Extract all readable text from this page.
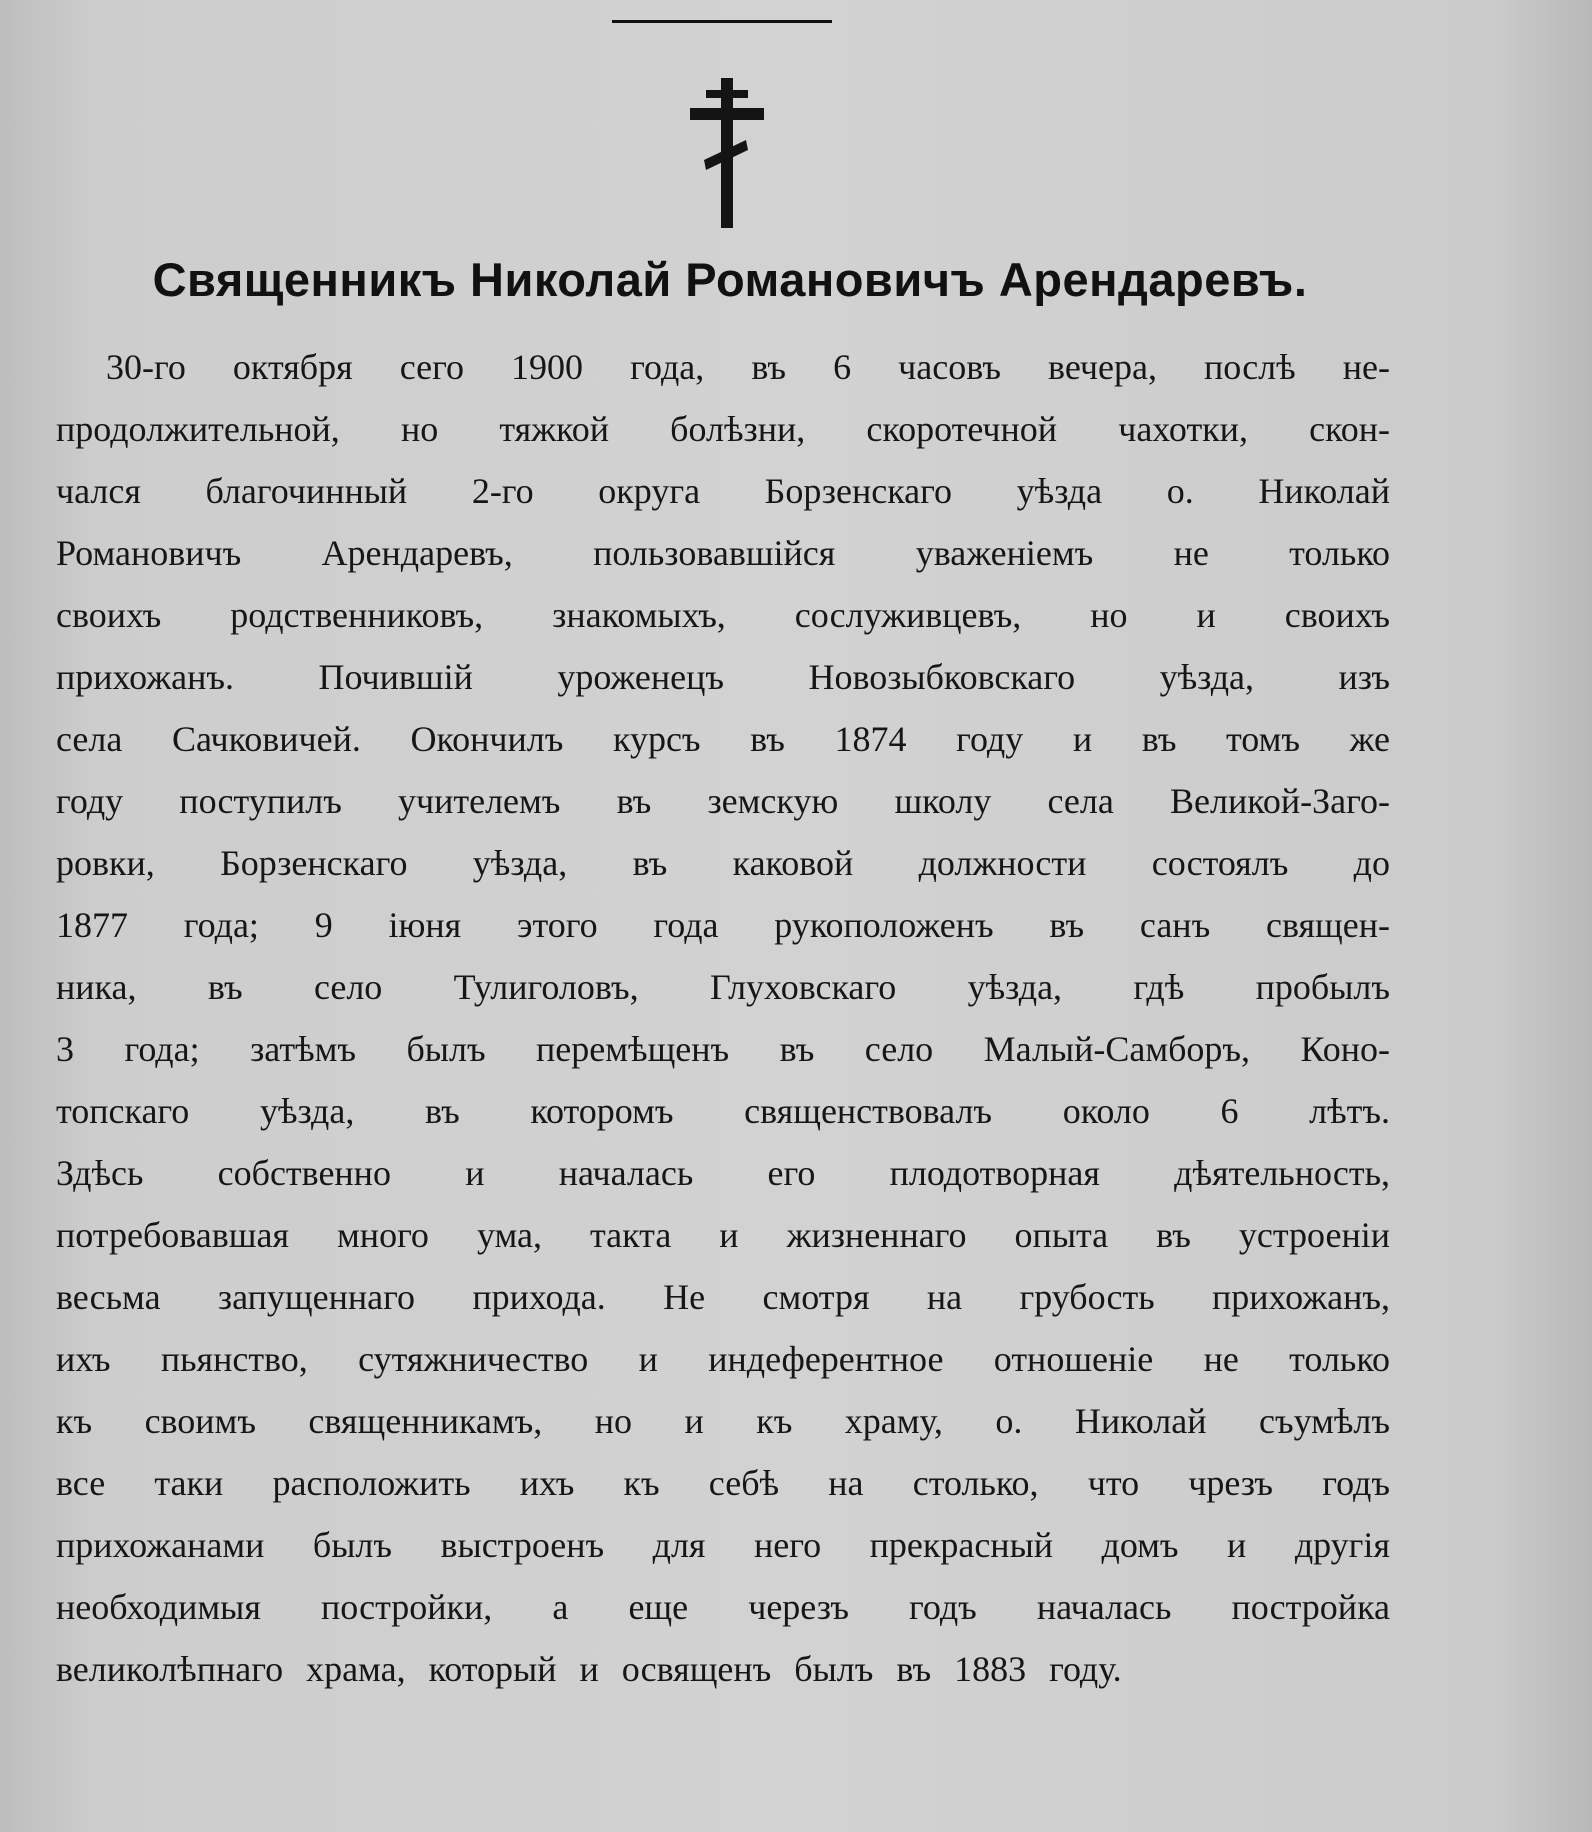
Священникъ Николай Романовичъ Арендаревъ.
30-го октября сего 1900 года, въ 6 часовъ вечера, послѣ не-
продолжительной, но тяжкой болѣзни, скоротечной чахотки, скон-
чался благочинный 2-го округа Борзенскаго уѣзда о. Николай
Романовичъ Арендаревъ, пользовавшiйся уваженiемъ не только
своихъ родственниковъ, знакомыхъ, сослуживцевъ, но и своихъ
прихожанъ. Почившiй уроженецъ Новозыбковскаго уѣзда, изъ
села Сачковичей. Окончилъ курсъ въ 1874 году и въ томъ же
году поступилъ учителемъ въ земскую школу села Великой-Заго-
ровки, Борзенскаго уѣзда, въ каковой должности состоялъ до
1877 года; 9 iюня этого года рукоположенъ въ санъ священ-
ника, въ село Тулиголовъ, Глуховскаго уѣзда, гдѣ пробылъ
3 года; затѣмъ былъ перемѣщенъ въ село Малый-Самборъ, Коно-
топскаго уѣзда, въ которомъ священствовалъ около 6 лѣтъ.
Здѣсь собственно и началась его плодотворная дѣятельность,
потребовавшая много ума, такта и жизненнаго опыта въ устроенiи
весьма запущеннаго прихода. Не смотря на грубость прихожанъ,
ихъ пьянство, сутяжничество и индеферентное отношенiе не только
къ своимъ священникамъ, но и къ храму, о. Николай съумѣлъ
все таки расположить ихъ къ себѣ на столько, что чрезъ годъ
прихожанами былъ выстроенъ для него прекрасный домъ и другiя
необходимыя постройки, а еще черезъ годъ началась постройка
великолѣпнаго храма, который и освященъ былъ въ 1883 году.
